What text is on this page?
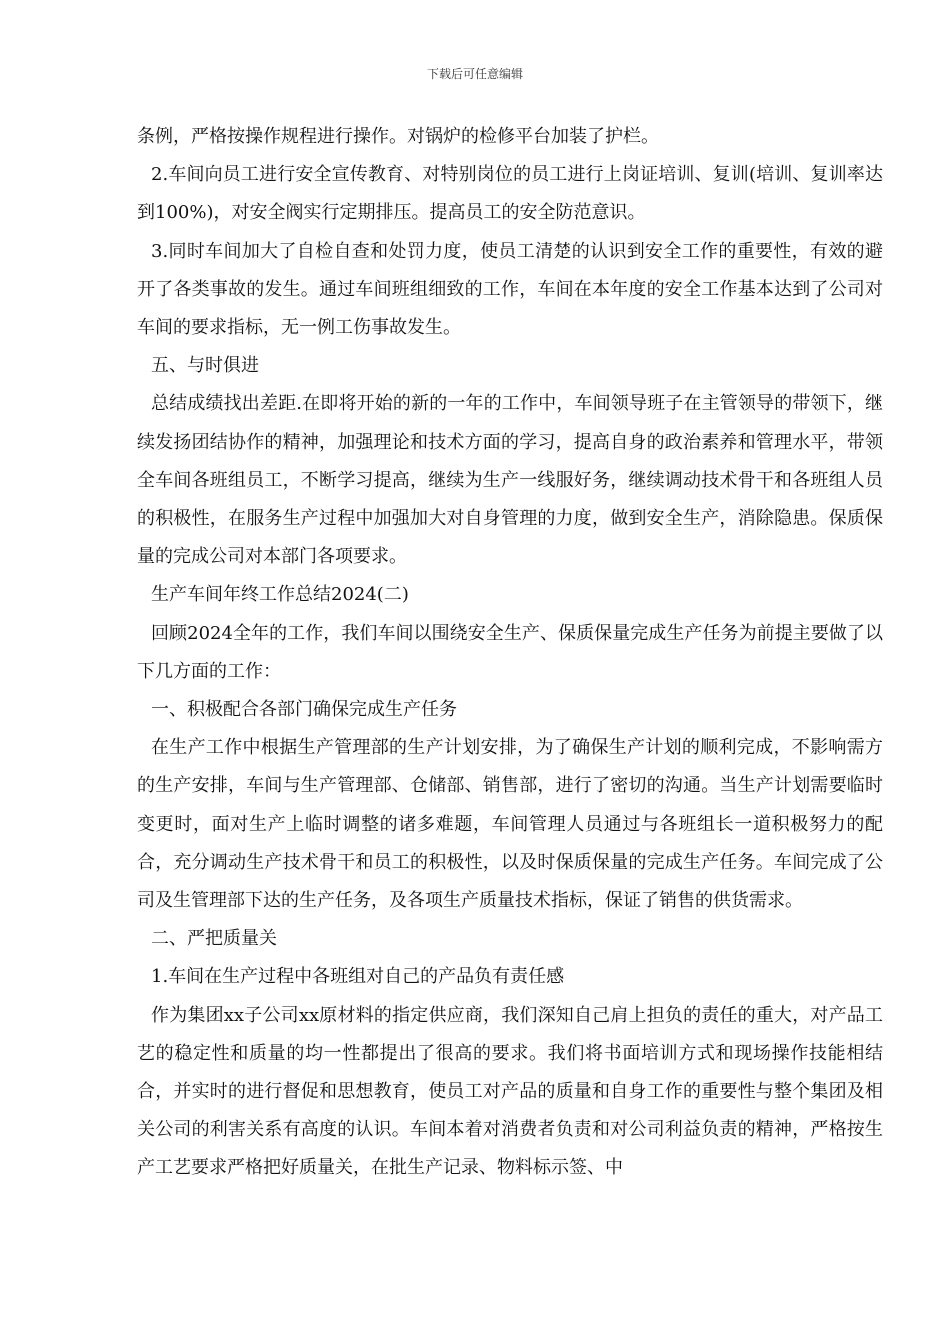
下载后可任意编辑

条例，严格按操作规程进行操作。对锅炉的检修平台加装了护栏。

2.车间向员工进行安全宣传教育、对特别岗位的员工进行上岗证培训、复训(培训、复训率达到100%)，对安全阀实行定期排压。提高员工的安全防范意识。

3.同时车间加大了自检自查和处罚力度，使员工清楚的认识到安全工作的重要性，有效的避开了各类事故的发生。通过车间班组细致的工作，车间在本年度的安全工作基本达到了公司对车间的要求指标，无一例工伤事故发生。

五、与时俱进

总结成绩找出差距.在即将开始的新的一年的工作中，车间领导班子在主管领导的带领下，继续发扬团结协作的精神，加强理论和技术方面的学习，提高自身的政治素养和管理水平，带领全车间各班组员工，不断学习提高，继续为生产一线服好务，继续调动技术骨干和各班组人员的积极性，在服务生产过程中加强加大对自身管理的力度，做到安全生产，消除隐患。保质保量的完成公司对本部门各项要求。

生产车间年终工作总结2024(二)

回顾2024全年的工作，我们车间以围绕安全生产、保质保量完成生产任务为前提主要做了以下几方面的工作：

一、积极配合各部门确保完成生产任务

在生产工作中根据生产管理部的生产计划安排，为了确保生产计划的顺利完成，不影响需方的生产安排，车间与生产管理部、仓储部、销售部，进行了密切的沟通。当生产计划需要临时变更时，面对生产上临时调整的诸多难题，车间管理人员通过与各班组长一道积极努力的配合，充分调动生产技术骨干和员工的积极性，以及时保质保量的完成生产任务。车间完成了公司及生管理部下达的生产任务，及各项生产质量技术指标，保证了销售的供货需求。

二、严把质量关

1.车间在生产过程中各班组对自己的产品负有责任感

作为集团xx子公司xx原材料的指定供应商，我们深知自己肩上担负的责任的重大，对产品工艺的稳定性和质量的均一性都提出了很高的要求。我们将书面培训方式和现场操作技能相结合，并实时的进行督促和思想教育，使员工对产品的质量和自身工作的重要性与整个集团及相关公司的利害关系有高度的认识。车间本着对消费者负责和对公司利益负责的精神，严格按生产工艺要求严格把好质量关，在批生产记录、物料标示签、中
